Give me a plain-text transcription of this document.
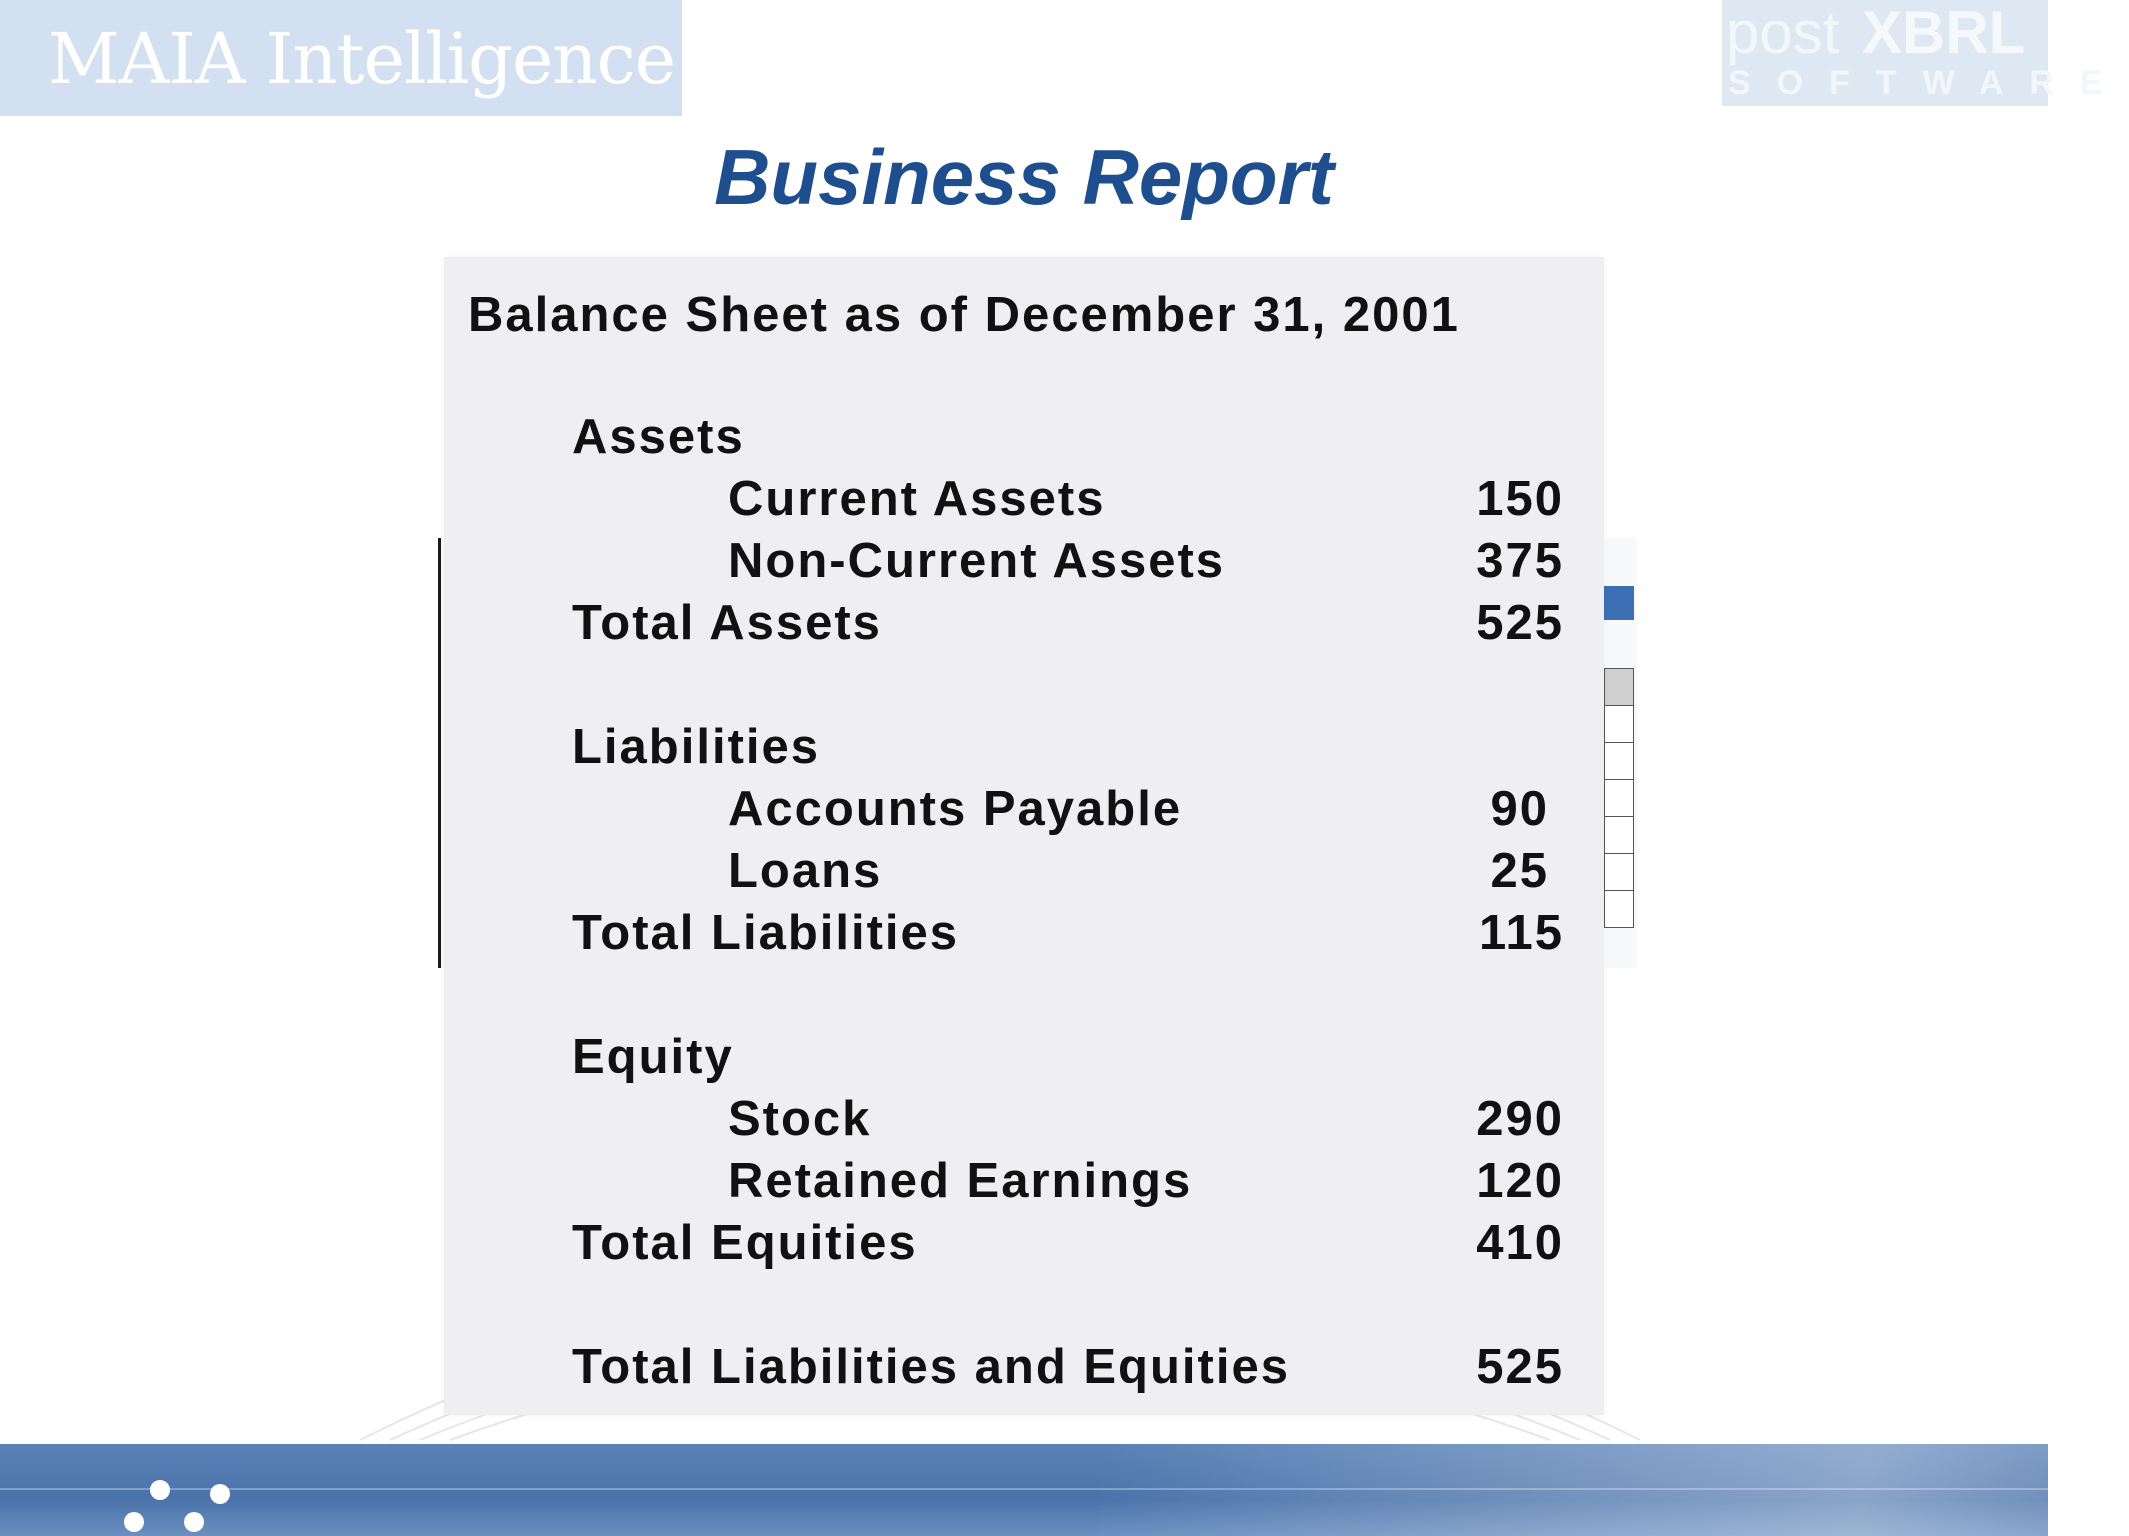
MAIA Intelligence	post XBRL
SOFTWARE
Business Report
Balance Sheet as of December 31, 2001
Assets
Current Assets	150
Non-Current Assets	375
Total Assets	525
Liabilities
Accounts Payable	90
Loans	25
Total Liabilities	115
Equity
Stock	290
Retained Earnings	120
Total Equities	410
Total Liabilities and Equities	525
